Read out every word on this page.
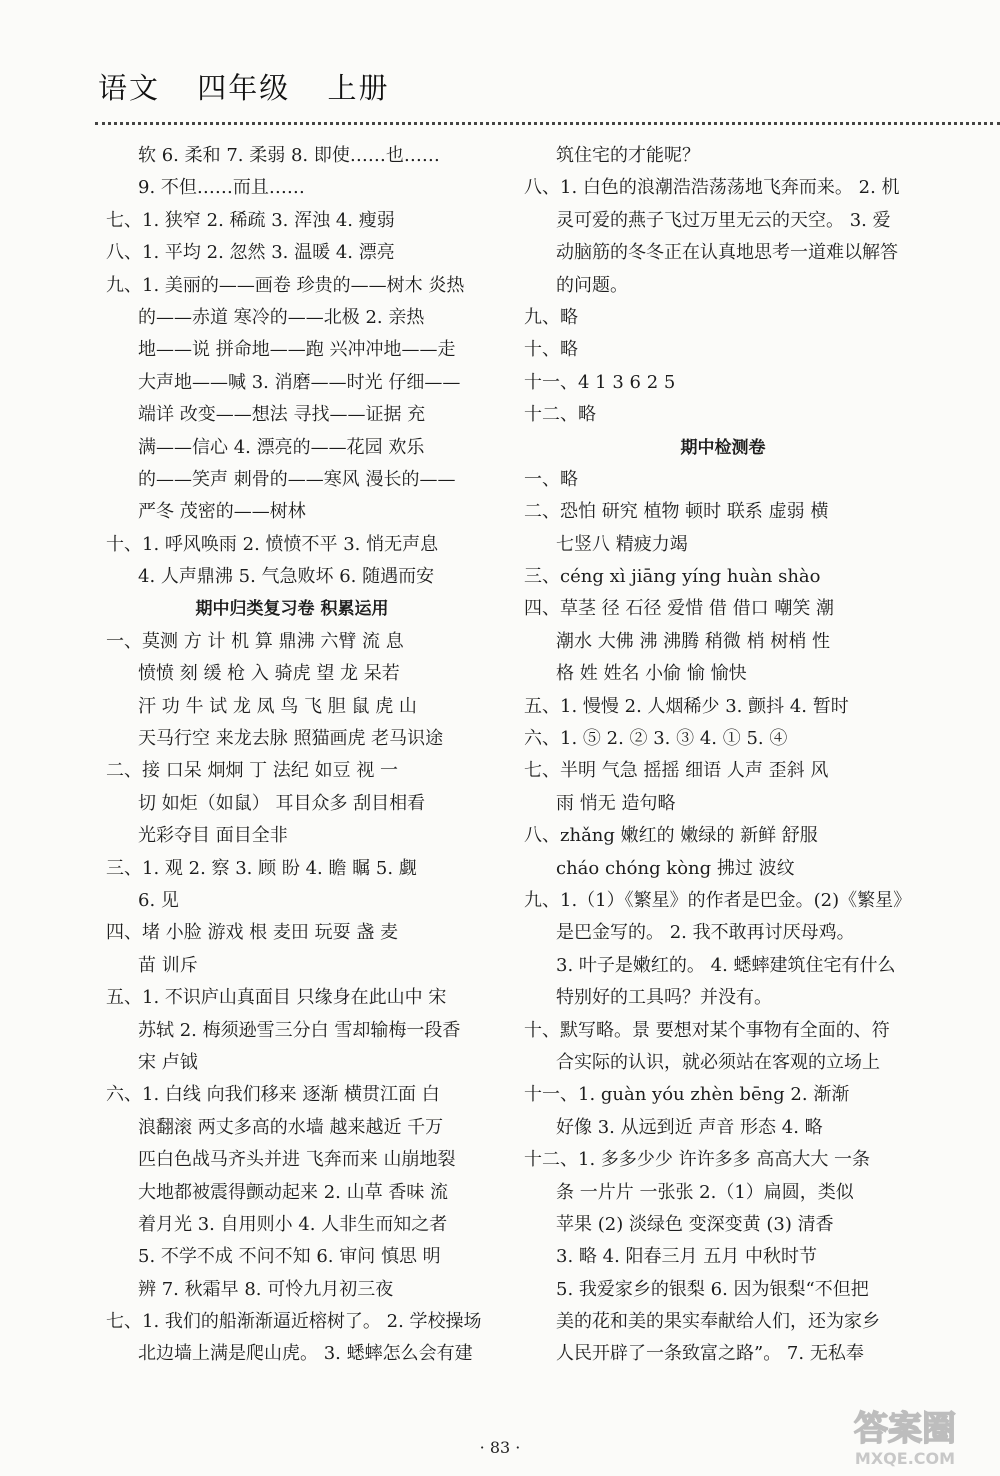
语文 四年级 上册
软 6. 柔和 7. 柔弱 8. 即使……也……
9. 不但……而且……
七、1. 狭窄 2. 稀疏 3. 浑浊 4. 瘦弱
八、1. 平均 2. 忽然 3. 温暖 4. 漂亮
九、1. 美丽的——画卷 珍贵的——树木 炎热
的——赤道 寒冷的——北极 2. 亲热
地——说 拼命地——跑 兴冲冲地——走
大声地——喊 3. 消磨——时光 仔细——
端详 改变——想法 寻找——证据 充
满——信心 4. 漂亮的——花园 欢乐
的——笑声 刺骨的——寒风 漫长的——
严冬 茂密的——树林
十、1. 呼风唤雨 2. 愤愤不平 3. 悄无声息
4. 人声鼎沸 5. 气急败坏 6. 随遇而安
期中归类复习卷 积累运用
一、莫测 方 计 机 算 鼎沸 六臂 流 息
愤愤 刻 缓 枪 入 骑虎 望 龙 呆若
汗 功 牛 试 龙 凤 鸟 飞 胆 鼠 虎 山
天马行空 来龙去脉 照猫画虎 老马识途
二、接 口呆 炯炯 丁 法纪 如豆 视 一
切 如炬（如鼠） 耳目众多 刮目相看
光彩夺目 面目全非
三、1. 观 2. 察 3. 顾 盼 4. 瞻 瞩 5. 觑
6. 见
四、堵 小脸 游戏 根 麦田 玩耍 盏 麦
苗 训斥
五、1. 不识庐山真面目 只缘身在此山中 宋
苏轼 2. 梅须逊雪三分白 雪却输梅一段香
宋 卢钺
六、1. 白线 向我们移来 逐渐 横贯江面 白
浪翻滚 两丈多高的水墙 越来越近 千万
匹白色战马齐头并进 飞奔而来 山崩地裂
大地都被震得颤动起来 2. 山草 香味 流
着月光 3. 自用则小 4. 人非生而知之者
5. 不学不成 不问不知 6. 审问 慎思 明
辨 7. 秋霜早 8. 可怜九月初三夜
七、1. 我们的船渐渐逼近榕树了。 2. 学校操场
北边墙上满是爬山虎。 3. 蟋蟀怎么会有建
筑住宅的才能呢？
八、1. 白色的浪潮浩浩荡荡地飞奔而来。 2. 机
灵可爱的燕子飞过万里无云的天空。 3. 爱
动脑筋的冬冬正在认真地思考一道难以解答
的问题。
九、略
十、略
十一、4 1 3 6 2 5
十二、略
期中检测卷
一、略
二、恐怕 研究 植物 顿时 联系 虚弱 横
七竖八 精疲力竭
三、céng xì jiāng yíng huàn shào
四、草茎 径 石径 爱惜 借 借口 嘲笑 潮
潮水 大佛 沸 沸腾 稍微 梢 树梢 性
格 姓 姓名 小偷 愉 愉快
五、1. 慢慢 2. 人烟稀少 3. 颤抖 4. 暂时
六、1. ⑤ 2. ② 3. ③ 4. ① 5. ④
七、半明 气急 摇摇 细语 人声 歪斜 风
雨 悄无 造句略
八、zhǎng 嫩红的 嫩绿的 新鲜 舒服
cháo chóng kòng 拂过 波纹
九、1.（1）《繁星》的作者是巴金。(2)《繁星》
是巴金写的。 2. 我不敢再讨厌母鸡。
3. 叶子是嫩红的。 4. 蟋蟀建筑住宅有什么
特别好的工具吗？并没有。
十、默写略。景 要想对某个事物有全面的、符
合实际的认识，就必须站在客观的立场上
十一、1. guàn yóu zhèn bēng 2. 渐渐
好像 3. 从远到近 声音 形态 4. 略
十二、1. 多多少少 许许多多 高高大大 一条
条 一片片 一张张 2.（1）扁圆，类似
苹果 (2) 淡绿色 变深变黄 (3) 清香
3. 略 4. 阳春三月 五月 中秋时节
5. 我爱家乡的银梨 6. 因为银梨“不但把
美的花和美的果实奉献给人们，还为家乡
人民开辟了一条致富之路”。 7. 无私奉
· 83 ·	答案圈
MXQE.COM
